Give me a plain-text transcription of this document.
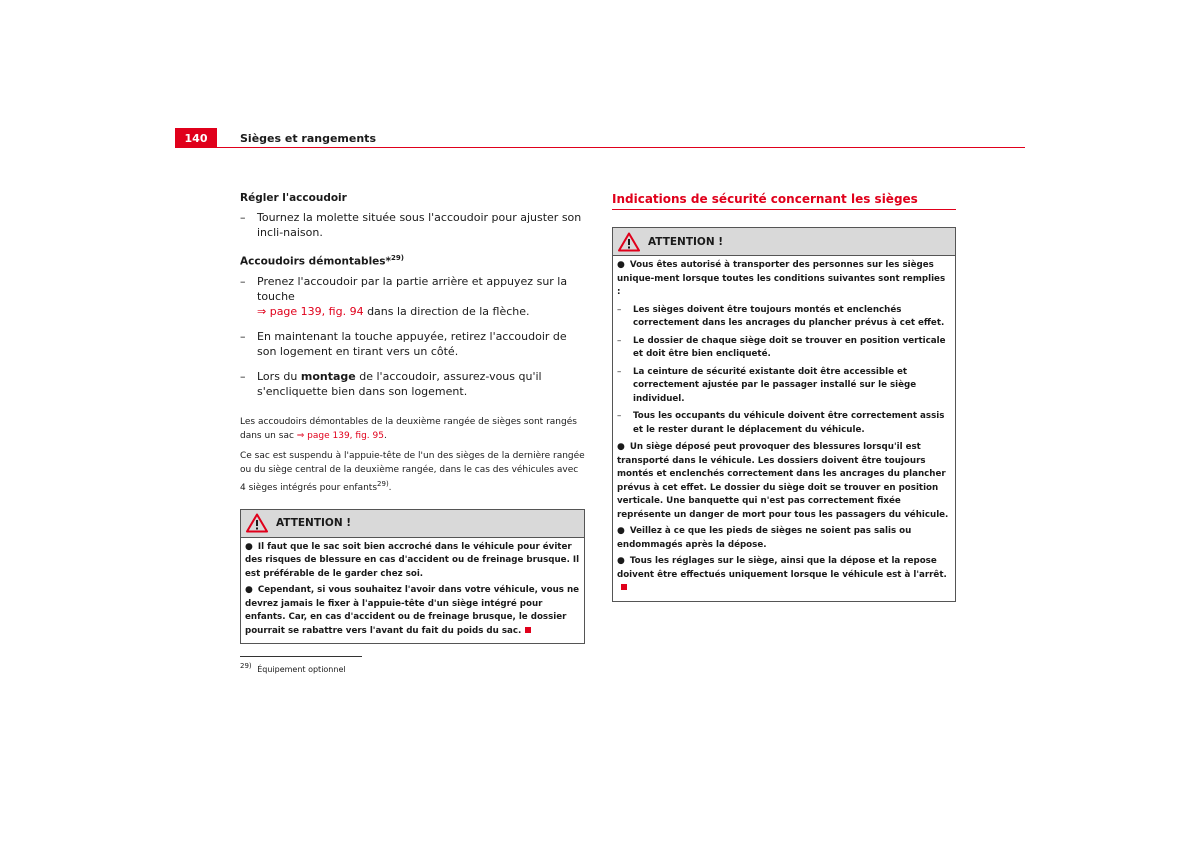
140	Sièges et rangements
Régler l'accoudoir
– Tournez la molette située sous l'accoudoir pour ajuster son incli-naison.
Accoudoirs démontables*$^{29)}$
– Prenez l'accoudoir par la partie arrière et appuyez sur la touche
⇒ page 139, fig. 94 dans la direction de la flèche.
– En maintenant la touche appuyée, retirez l'accoudoir de son logement en tirant vers un côté.
– Lors du montage de l'accoudoir, assurez-vous qu'il s'encliquette bien dans son logement.

Les accoudoirs démontables de la deuxième rangée de sièges sont rangés dans un sac ⇒ page 139, fig. 95.

Ce sac est suspendu à l'appuie-tête de l'un des sièges de la dernière rangée ou du siège central de la deuxième rangée, dans le cas des véhicules avec 4 sièges intégrés pour enfants$^{29)}$.

ATTENTION !

● Il faut que le sac soit bien accroché dans le véhicule pour éviter des risques de blessure en cas d'accident ou de freinage brusque. Il est préférable de le garder chez soi.

● Cependant, si vous souhaitez l'avoir dans votre véhicule, vous ne devrez jamais le fixer à l'appuie-tête d'un siège intégré pour enfants. Car, en cas d'accident ou de freinage brusque, le dossier pourrait se rabattre vers l'avant du fait du poids du sac.

Indications de sécurité concernant les sièges
ATTENTION !

● Vous êtes autorisé à transporter des personnes sur les sièges unique-ment lorsque toutes les conditions suivantes sont remplies :

– Les sièges doivent être toujours montés et enclenchés correctement dans les ancrages du plancher prévus à cet effet.
– Le dossier de chaque siège doit se trouver en position verticale et doit être bien encliqueté.
– La ceinture de sécurité existante doit être accessible et correctement ajustée par le passager installé sur le siège individuel.
– Tous les occupants du véhicule doivent être correctement assis et le rester durant le déplacement du véhicule.

● Un siège déposé peut provoquer des blessures lorsqu'il est transporté dans le véhicule. Les dossiers doivent être toujours montés et enclenchés correctement dans les ancrages du plancher prévus à cet effet. Le dossier du siège doit se trouver en position verticale. Une banquette qui n'est pas correctement fixée représente un danger de mort pour tous les passagers du véhicule.

● Veillez à ce que les pieds de sièges ne soient pas salis ou endommagés après la dépose.

● Tous les réglages sur le siège, ainsi que la dépose et la repose doivent être effectués uniquement lorsque le véhicule est à l'arrêt.

$^{29)}$ Équipement optionnel
